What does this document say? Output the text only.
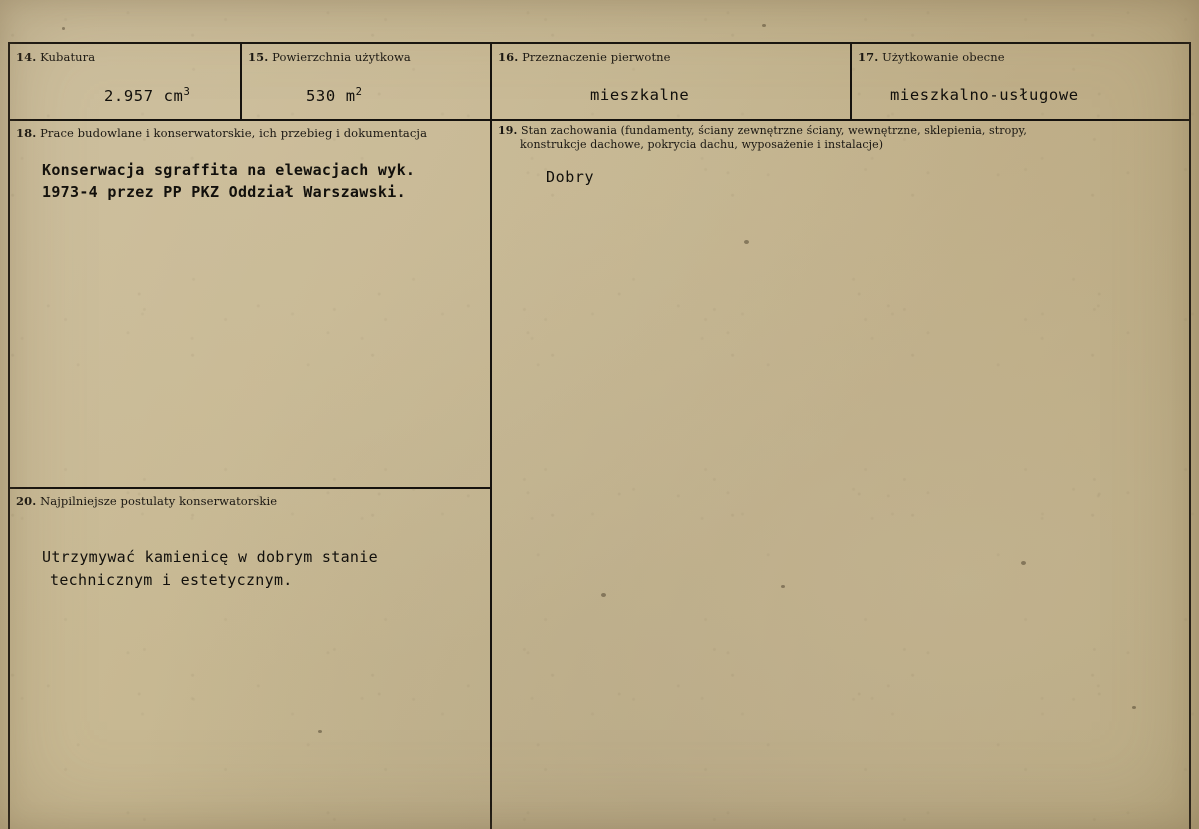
14. Kubatura
2.957 $cm^3$
15. Powierzchnia użytkowa
530 $m^2$
16. Przeznaczenie pierwotne
mieszkalne
17. Użytkowanie obecne
mieszkalno-usługowe
18. Prace budowlane i konserwatorskie, ich przebieg i dokumentacja
Konserwacja sgraffita na elewacjach wyk.
1973-4 przez PP PKZ Oddział Warszawski.
19. Stan zachowania (fundamenty, ściany zewnętrzne ściany, wewnętrzne, sklepienia, stropy,
konstrukcje dachowe, pokrycia dachu, wyposażenie i instalacje)
Dobry
20. Najpilniejsze postulaty konserwatorskie
Utrzymywać kamienicę w dobrym stanie
technicznym i estetycznym.
